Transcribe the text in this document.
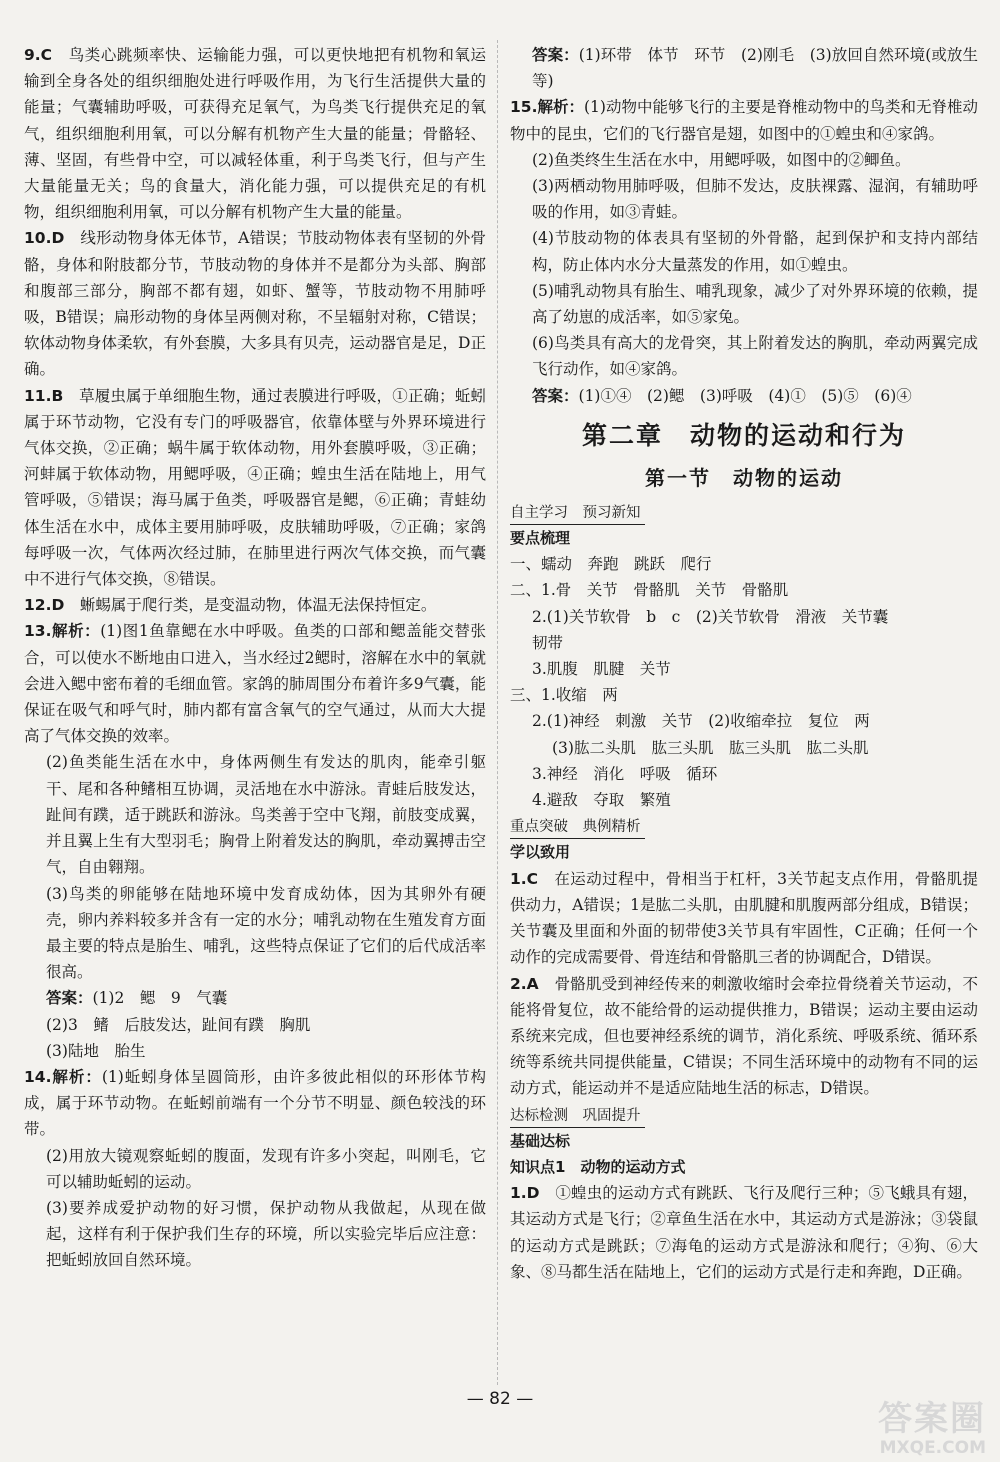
9.C　 鸟类心跳频率快、运输能力强，可以更快地把有机物和氧运输到全身各处的组织细胞处进行呼吸作用，为飞行生活提供大量的能量；气囊辅助呼吸，可获得充足氧气，为鸟类飞行提供充足的氧气，组织细胞利用氧，可以分解有机物产生大量的能量；骨骼轻、薄、坚固，有些骨中空，可以减轻体重，利于鸟类飞行，但与产生大量能量无关；鸟的食量大，消化能力强，可以提供充足的有机物，组织细胞利用氧，可以分解有机物产生大量的能量。

10.D　 线形动物身体无体节，A错误；节肢动物体表有坚韧的外骨骼，身体和附肢都分节，节肢动物的身体并不是都分为头部、胸部和腹部三部分，胸部不都有翅，如虾、蟹等，节肢动物不用肺呼吸，B错误；扁形动物的身体呈两侧对称，不呈辐射对称，C错误；软体动物身体柔软，有外套膜，大多具有贝壳，运动器官是足，D正确。

11.B　 草履虫属于单细胞生物，通过表膜进行呼吸，①正确；蚯蚓属于环节动物，它没有专门的呼吸器官，依靠体壁与外界环境进行气体交换，②正确；蜗牛属于软体动物，用外套膜呼吸，③正确；河蚌属于软体动物，用鳃呼吸，④正确；蝗虫生活在陆地上，用气管呼吸，⑤错误；海马属于鱼类，呼吸器官是鳃，⑥正确；青蛙幼体生活在水中，成体主要用肺呼吸，皮肤辅助呼吸，⑦正确；家鸽每呼吸一次，气体两次经过肺，在肺里进行两次气体交换，而气囊中不进行气体交换，⑧错误。

12.D　 蜥蜴属于爬行类，是变温动物，体温无法保持恒定。

13.解析：(1)图1鱼靠鳃在水中呼吸。鱼类的口部和鳃盖能交替张合，可以使水不断地由口进入，当水经过2鳃时，溶解在水中的氧就会进入鳃中密布着的毛细血管。家鸽的肺周围分布着许多9气囊，能保证在吸气和呼气时，肺内都有富含氧气的空气通过，从而大大提高了气体交换的效率。

(2)鱼类能生活在水中，身体两侧生有发达的肌肉，能牵引躯干、尾和各种鳍相互协调，灵活地在水中游泳。青蛙后肢发达，趾间有蹼，适于跳跃和游泳。鸟类善于空中飞翔，前肢变成翼，并且翼上生有大型羽毛；胸骨上附着发达的胸肌，牵动翼搏击空气，自由翱翔。

(3)鸟类的卵能够在陆地环境中发育成幼体，因为其卵外有硬壳，卵内养料较多并含有一定的水分；哺乳动物在生殖发育方面最主要的特点是胎生、哺乳，这些特点保证了它们的后代成活率很高。

答案：(1)2　鳃　9　气囊

(2)3　鳍　后肢发达，趾间有蹼　胸肌

(3)陆地　胎生

14.解析：(1)蚯蚓身体呈圆筒形，由许多彼此相似的环形体节构成，属于环节动物。在蚯蚓前端有一个分节不明显、颜色较浅的环带。

(2)用放大镜观察蚯蚓的腹面，发现有许多小突起，叫刚毛，它可以辅助蚯蚓的运动。

(3)要养成爱护动物的好习惯，保护动物从我做起，从现在做起，这样有利于保护我们生存的环境，所以实验完毕后应注意：把蚯蚓放回自然环境。

答案：(1)环带　体节　环节　(2)刚毛　(3)放回自然环境(或放生等)

15.解析：(1)动物中能够飞行的主要是脊椎动物中的鸟类和无脊椎动物中的昆虫，它们的飞行器官是翅，如图中的①蝗虫和④家鸽。

(2)鱼类终生生活在水中，用鳃呼吸，如图中的②鲫鱼。

(3)两栖动物用肺呼吸，但肺不发达，皮肤裸露、湿润，有辅助呼吸的作用，如③青蛙。

(4)节肢动物的体表具有坚韧的外骨骼，起到保护和支持内部结构，防止体内水分大量蒸发的作用，如①蝗虫。

(5)哺乳动物具有胎生、哺乳现象，减少了对外界环境的依赖，提高了幼崽的成活率，如⑤家兔。

(6)鸟类具有高大的龙骨突，其上附着发达的胸肌，牵动两翼完成飞行动作，如④家鸽。

答案：(1)①④　(2)鳃　(3)呼吸　(4)①　(5)⑤　(6)④

第二章　动物的运动和行为
第一节　动物的运动
自主学习　预习新知
要点梳理

一、蠕动　奔跑　跳跃　爬行

二、1.骨　关节　骨骼肌　关节　骨骼肌

2.(1)关节软骨　b　c　(2)关节软骨　滑液　关节囊

韧带

3.肌腹　肌腱　关节

三、1.收缩　两

2.(1)神经　刺激　关节　(2)收缩牵拉　复位　两

(3)肱二头肌　肱三头肌　肱三头肌　肱二头肌

3.神经　消化　呼吸　循环

4.避敌　夺取　繁殖

重点突破　典例精析
学以致用

1.C　 在运动过程中，骨相当于杠杆，3关节起支点作用，骨骼肌提供动力，A错误；1是肱二头肌，由肌腱和肌腹两部分组成，B错误；关节囊及里面和外面的韧带使3关节具有牢固性，C正确；任何一个动作的完成需要骨、骨连结和骨骼肌三者的协调配合，D错误。

2.A　 骨骼肌受到神经传来的刺激收缩时会牵拉骨绕着关节运动，不能将骨复位，故不能给骨的运动提供推力，B错误；运动主要由运动系统来完成，但也要神经系统的调节，消化系统、呼吸系统、循环系统等系统共同提供能量，C错误；不同生活环境中的动物有不同的运动方式，能运动并不是适应陆地生活的标志，D错误。

达标检测　巩固提升
基础达标
知识点1　 动物的运动方式

1.D　 ①蝗虫的运动方式有跳跃、飞行及爬行三种；⑤飞蛾具有翅，其运动方式是飞行；②章鱼生活在水中，其运动方式是游泳；③袋鼠的运动方式是跳跃；⑦海龟的运动方式是游泳和爬行；④狗、⑥大象、⑧马都生活在陆地上，它们的运动方式是行走和奔跑，D正确。

— 82 —	答案圈
MXQE.COM
